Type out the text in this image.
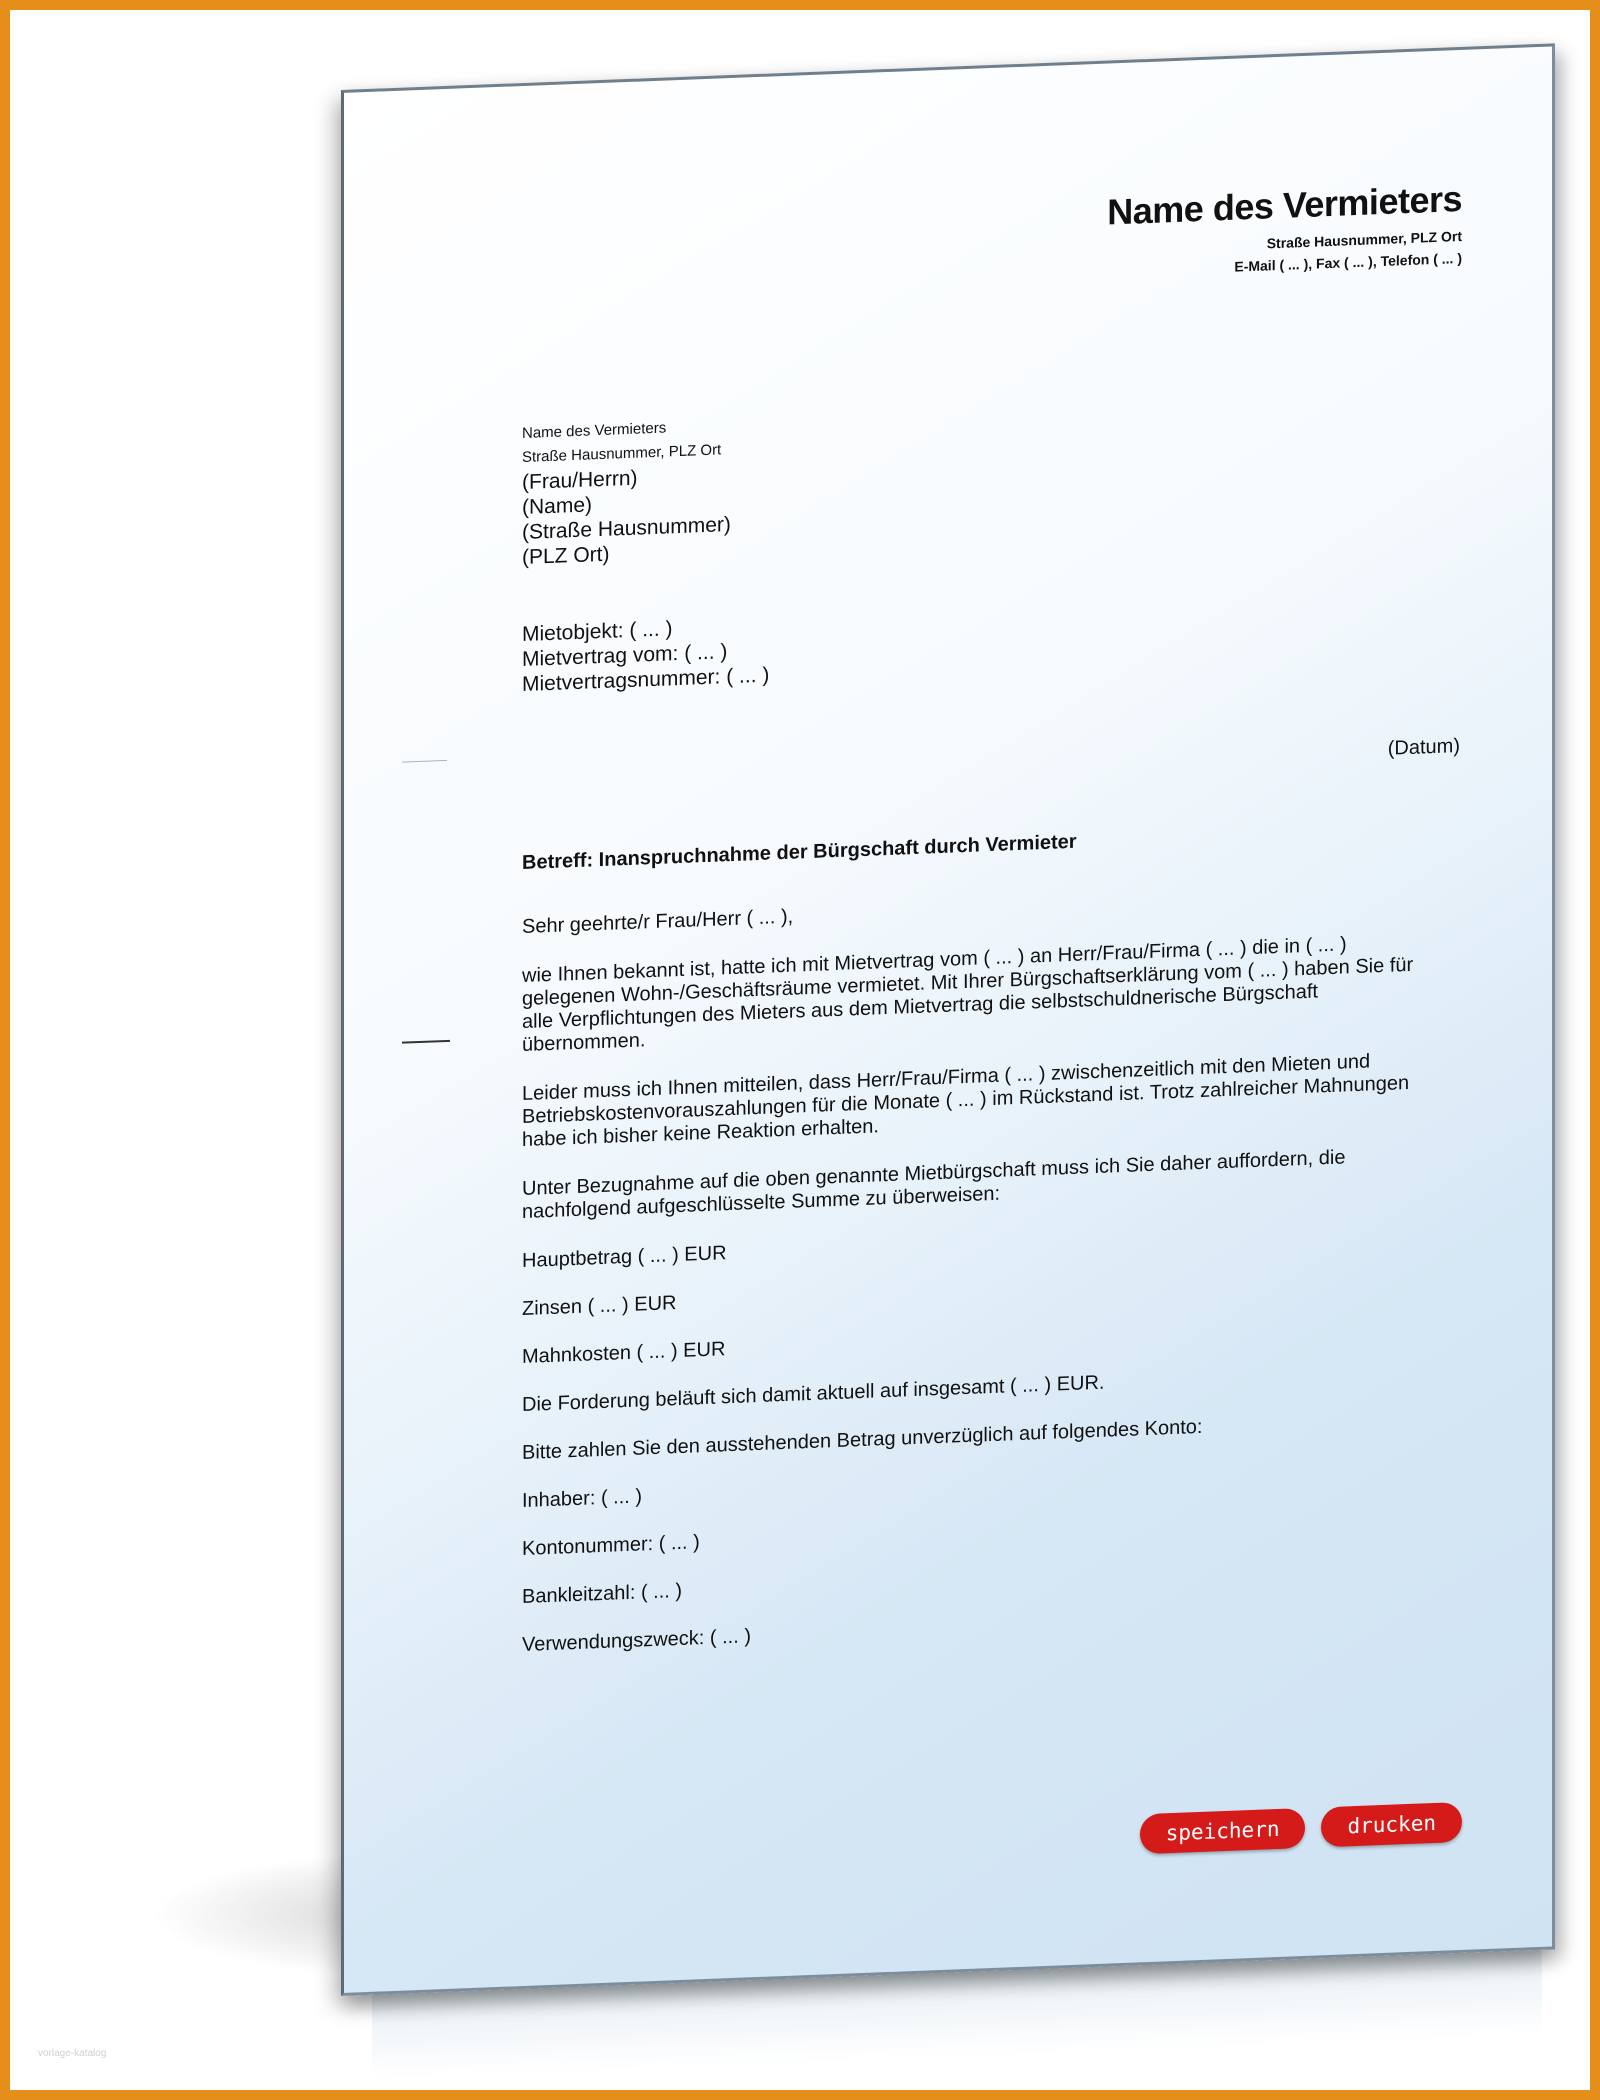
Name des Vermieters
Straße Hausnummer, PLZ Ort
E-Mail ( ... ), Fax ( ... ), Telefon ( ... )
Name des Vermieters
Straße Hausnummer, PLZ Ort
(Frau/Herrn)
(Name)
(Straße Hausnummer)
(PLZ Ort)
Mietobjekt: ( ... )
Mietvertrag vom: ( ... )
Mietvertragsnummer: ( ... )
(Datum)
Betreff: Inanspruchnahme der Bürgschaft durch Vermieter

Sehr geehrte/r Frau/Herr ( ... ),

wie Ihnen bekannt ist, hatte ich mit Mietvertrag vom ( ... ) an Herr/Frau/Firma ( ... ) die in ( ... ) gelegenen Wohn-/Geschäftsräume vermietet. Mit Ihrer Bürgschaftserklärung vom ( ... ) haben Sie für alle Verpflichtungen des Mieters aus dem Mietvertrag die selbstschuldnerische Bürgschaft übernommen.

Leider muss ich Ihnen mitteilen, dass Herr/Frau/Firma ( ... ) zwischenzeitlich mit den Mieten und Betriebskostenvorauszahlungen für die Monate ( ... ) im Rückstand ist. Trotz zahlreicher Mahnungen habe ich bisher keine Reaktion erhalten.

Unter Bezugnahme auf die oben genannte Mietbürgschaft muss ich Sie daher auffordern, die nachfolgend aufgeschlüsselte Summe zu überweisen:

Hauptbetrag ( ... ) EUR
Zinsen ( ... ) EUR
Mahnkosten ( ... ) EUR
Die Forderung beläuft sich damit aktuell auf insgesamt ( ... ) EUR.
Bitte zahlen Sie den ausstehenden Betrag unverzüglich auf folgendes Konto:
Inhaber: ( ... )
Kontonummer: ( ... )
Bankleitzahl: ( ... )
Verwendungszweck: ( ... )
speichern	drucken
vorlage-katalog
